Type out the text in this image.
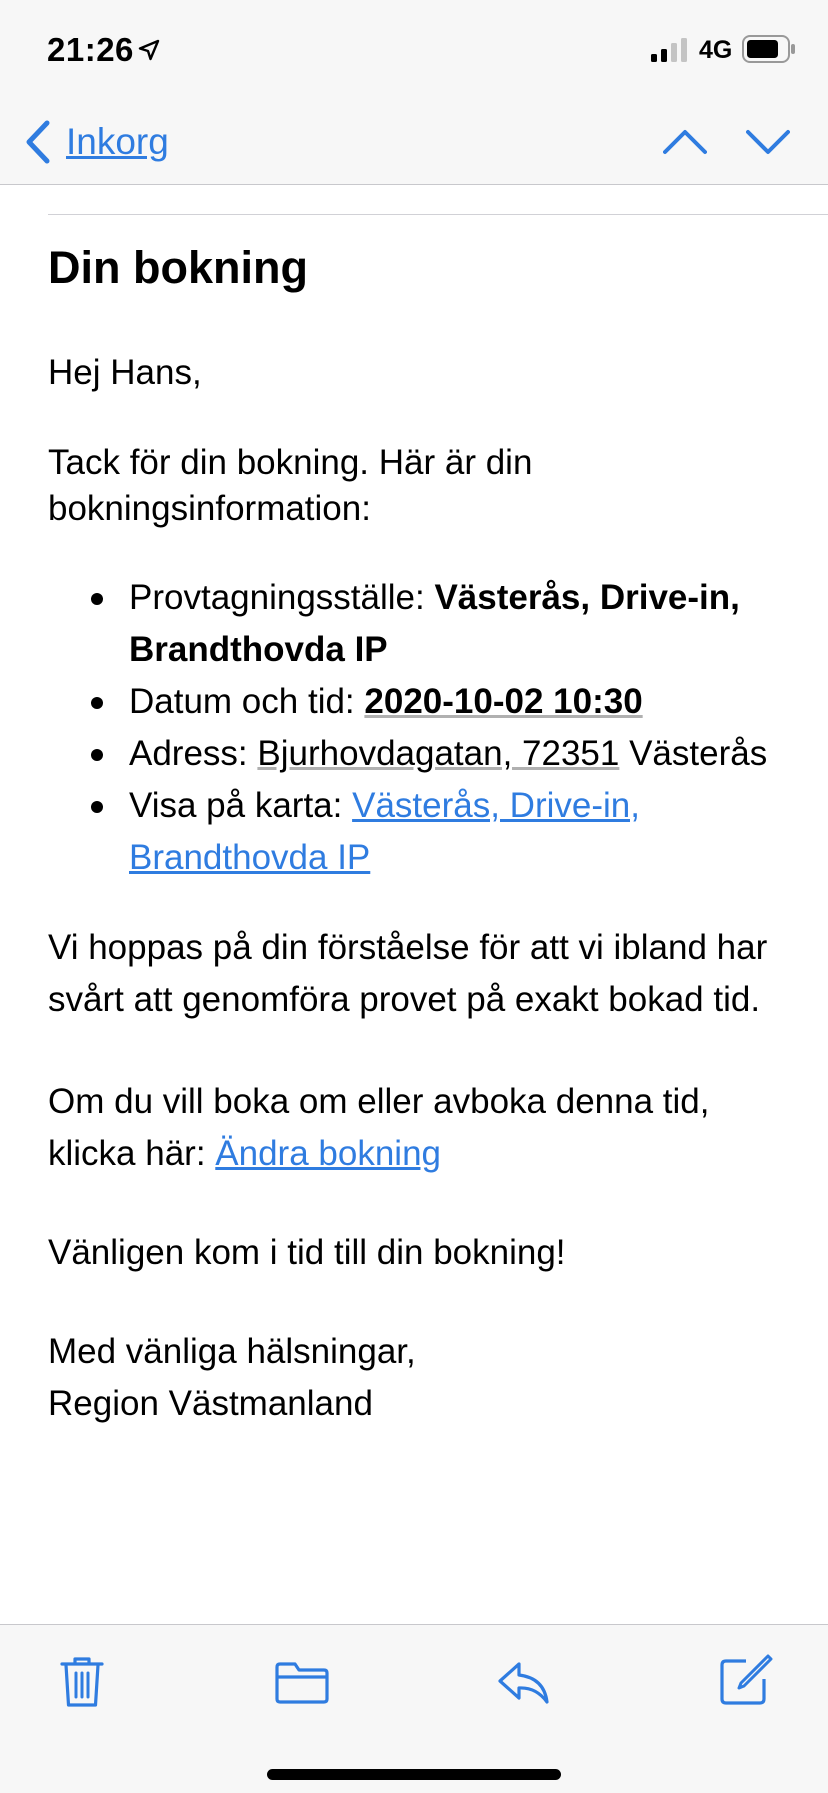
21:26	4G
Inkorg
Din bokning

Hej Hans,

Tack för din bokning. Här är din bokningsinformation:

Provtagningsställe: Västerås, Drive-in, Brandthovda IP
Datum och tid: 2020-10-02 10:30
Adress: Bjurhovdagatan, 72351 Västerås
Visa på karta: Västerås, Drive-in, Brandthovda IP

Vi hoppas på din förståelse för att vi ibland har svårt att genomföra provet på exakt bokad tid.

Om du vill boka om eller avboka denna tid, klicka här: Ändra bokning

Vänligen kom i tid till din bokning!

Med vänliga hälsningar,
Region Västmanland
